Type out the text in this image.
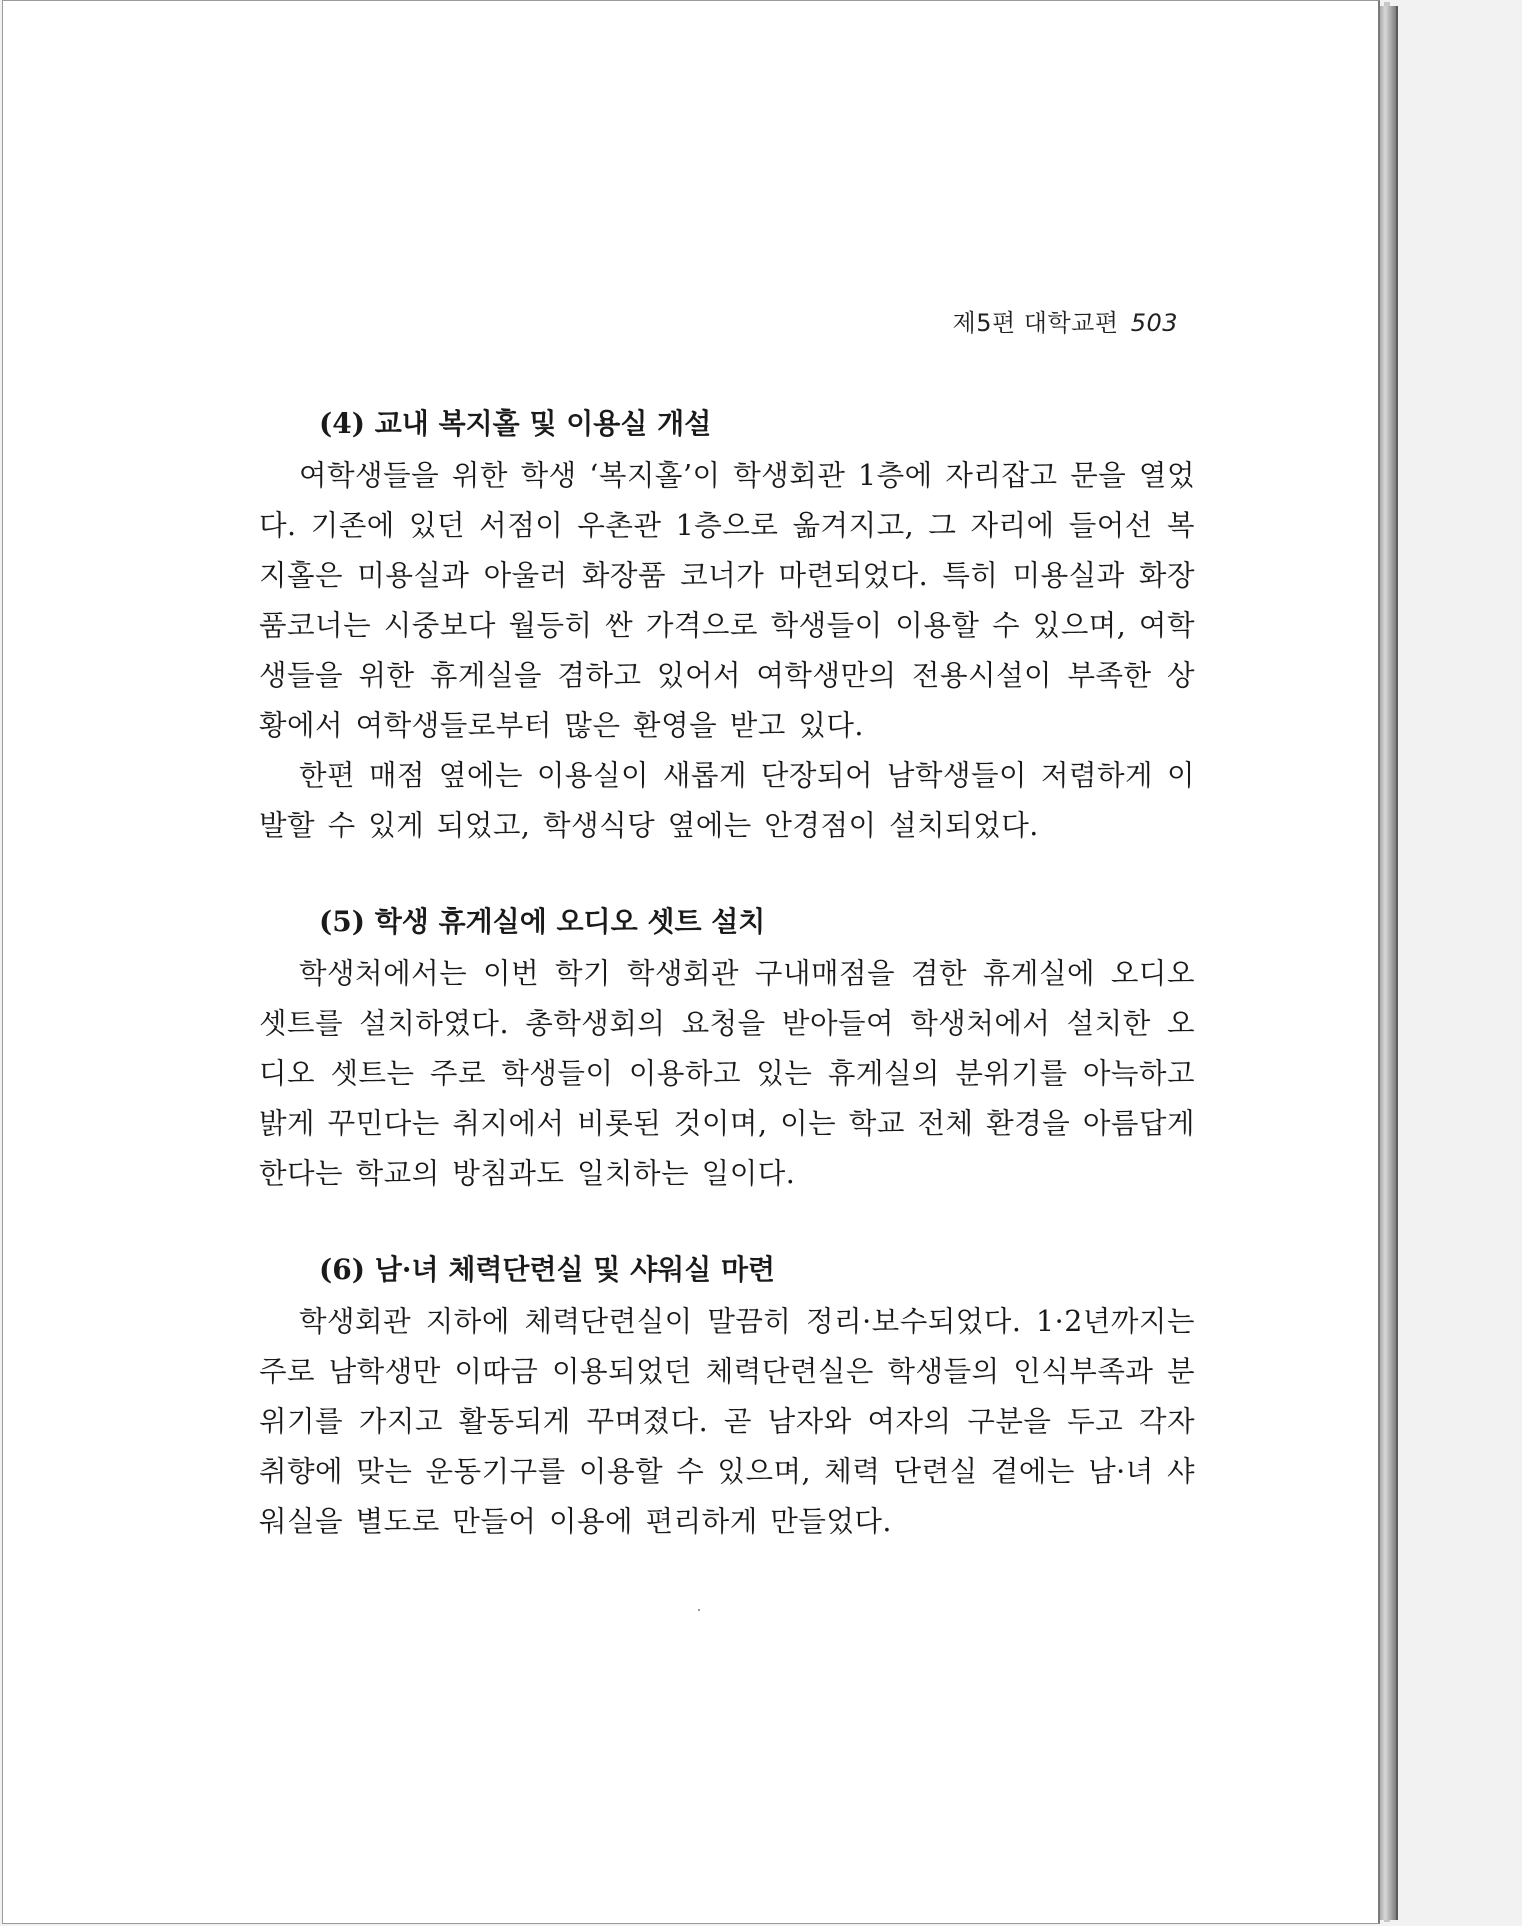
제5편 대학교편 503
(4) 교내 복지홀 및 이용실 개설

여학생들을 위한 학생 ‘복지홀’이 학생회관 1층에 자리잡고 문을 열었다. 기존에 있던 서점이 우촌관 1층으로 옮겨지고, 그 자리에 들어선 복지홀은 미용실과 아울러 화장품 코너가 마련되었다. 특히 미용실과 화장품코너는 시중보다 월등히 싼 가격으로 학생들이 이용할 수 있으며, 여학생들을 위한 휴게실을 겸하고 있어서 여학생만의 전용시설이 부족한 상황에서 여학생들로부터 많은 환영을 받고 있다.

한편 매점 옆에는 이용실이 새롭게 단장되어 남학생들이 저렴하게 이발할 수 있게 되었고, 학생식당 옆에는 안경점이 설치되었다.

(5) 학생 휴게실에 오디오 셋트 설치

학생처에서는 이번 학기 학생회관 구내매점을 겸한 휴게실에 오디오 셋트를 설치하였다. 총학생회의 요청을 받아들여 학생처에서 설치한 오디오 셋트는 주로 학생들이 이용하고 있는 휴게실의 분위기를 아늑하고 밝게 꾸민다는 취지에서 비롯된 것이며, 이는 학교 전체 환경을 아름답게 한다는 학교의 방침과도 일치하는 일이다.

(6) 남·녀 체력단련실 및 샤워실 마련

학생회관 지하에 체력단련실이 말끔히 정리·보수되었다. 1·2년까지는 주로 남학생만 이따금 이용되었던 체력단련실은 학생들의 인식부족과 분위기를 가지고 활동되게 꾸며졌다. 곧 남자와 여자의 구분을 두고 각자 취향에 맞는 운동기구를 이용할 수 있으며, 체력 단련실 곁에는 남·녀 샤워실을 별도로 만들어 이용에 편리하게 만들었다.
